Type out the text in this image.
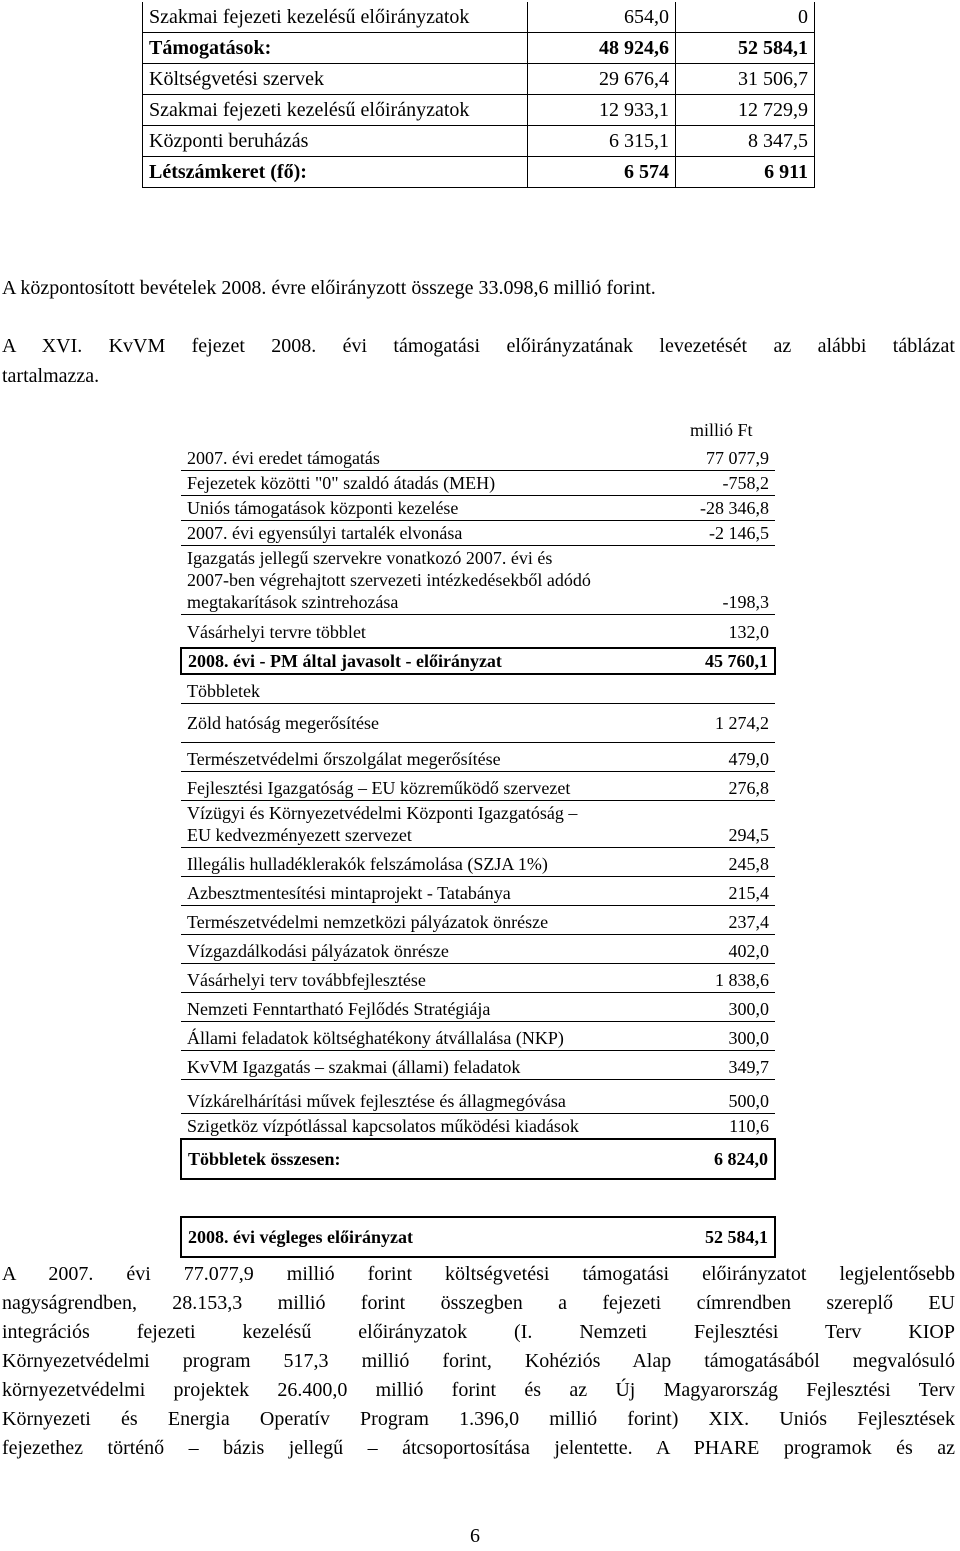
Szakmai fejezeti kezelésű előirányzatok	654,0	0
Támogatások:	48 924,6	52 584,1
Költségvetési szervek	29 676,4	31 506,7
Szakmai fejezeti kezelésű előirányzatok	12 933,1	12 729,9
Központi beruházás	6 315,1	8 347,5
Létszámkeret (fő):	6 574	6 911

A központosított bevételek 2008. évre előirányzott összege 33.098,6 millió forint.

A XVI. KvVM fejezet 2008. évi támogatási előirányzatának levezetését az alábbi táblázat

tartalmazza.

millió Ft
2007. évi eredet támogatás	77 077,9
Fejezetek közötti "0" szaldó átadás (MEH)	-758,2
Uniós támogatások központi kezelése	-28 346,8
2007. évi egyensúlyi tartalék elvonása	-2 146,5

Igazgatás jellegű szervekre vonatkozó 2007. évi és
2007-ben végrehajtott szervezeti intézkedésekből adódó
megtakarítások szintrehozása	-198,3
Vásárhelyi tervre többlet	132,0
2008. évi - PM által javasolt - előirányzat	45 760,1
Többletek	
Zöld hatóság megerősítése	1 274,2
Természetvédelmi őrszolgálat megerősítése	479,0
Fejlesztési Igazgatóság – EU közreműködő szervezet	276,8

Vízügyi és Környezetvédelmi Központi Igazgatóság –
EU kedvezményezett szervezet	294,5
Illegális hulladéklerakók felszámolása (SZJA 1%)	245,8
Azbesztmentesítési mintaprojekt - Tatabánya	215,4
Természetvédelmi nemzetközi pályázatok önrésze	237,4
Vízgazdálkodási pályázatok önrésze	402,0
Vásárhelyi terv továbbfejlesztése	1 838,6
Nemzeti Fenntartható Fejlődés Stratégiája	300,0
Állami feladatok költséghatékony átvállalása (NKP)	300,0
KvVM Igazgatás – szakmai (állami) feladatok	349,7
Vízkárelhárítási művek fejlesztése és állagmegóvása	500,0
Szigetköz vízpótlással kapcsolatos működési kiadások	110,6
Többletek összesen:	6 824,0

2008. évi végleges előirányzat	52 584,1

A 2007. évi 77.077,9 millió forint költségvetési támogatási előirányzatot legjelentősebb

nagyságrendben, 28.153,3 millió forint összegben a fejezeti címrendben szereplő EU

integrációs fejezeti kezelésű előirányzatok (I. Nemzeti Fejlesztési Terv KIOP

Környezetvédelmi program 517,3 millió forint, Kohéziós Alap támogatásából megvalósuló

környezetvédelmi projektek 26.400,0 millió forint és az Új Magyarország Fejlesztési Terv

Környezeti és Energia Operatív Program 1.396,0 millió forint) XIX. Uniós Fejlesztések

fejezethez történő – bázis jellegű – átcsoportosítása jelentette. A PHARE programok és az

6
